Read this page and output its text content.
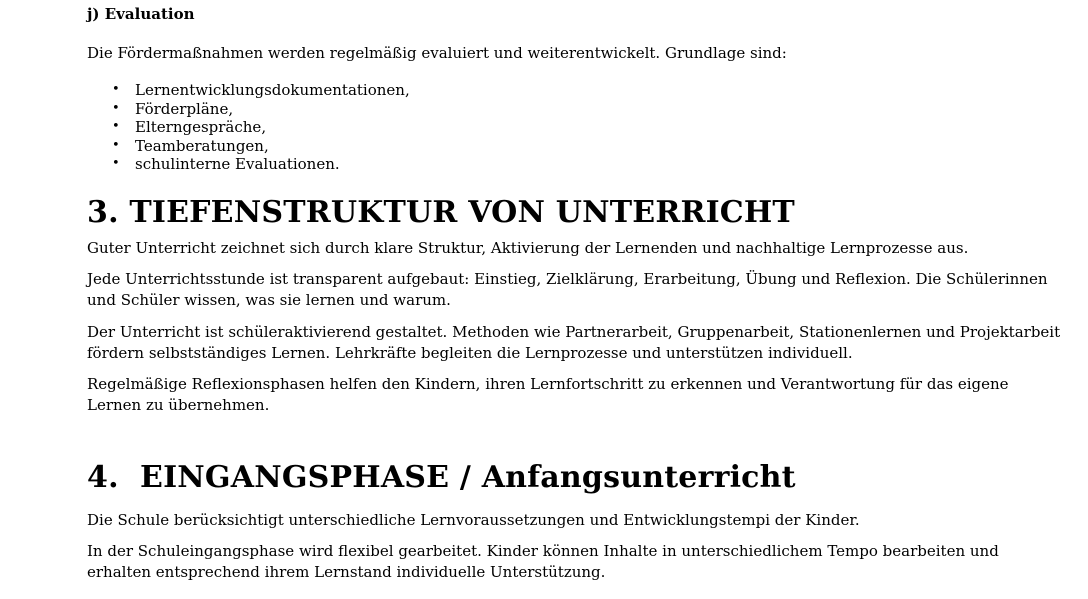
j) Evaluation

Die Fördermaßnahmen werden regelmäßig evaluiert und weiterentwickelt. Grundlage sind:

• Lernentwicklungsdokumentationen,
• Förderpläne,
• Elterngespräche,
• Teamberatungen,
• schulinterne Evaluationen.
3. TIEFENSTRUKTUR VON UNTERRICHT

Guter Unterricht zeichnet sich durch klare Struktur, Aktivierung der Lernenden und nachhaltige Lernprozesse aus.

Jede Unterrichtsstunde ist transparent aufgebaut: Einstieg, Zielklärung, Erarbeitung, Übung und Reflexion. Die Schülerinnen und Schüler wissen, was sie lernen und warum.

Der Unterricht ist schüleraktivierend gestaltet. Methoden wie Partnerarbeit, Gruppenarbeit, Stationenlernen und Projektarbeit fördern selbstständiges Lernen. Lehrkräfte begleiten die Lernprozesse und unterstützen individuell.

Regelmäßige Reflexionsphasen helfen den Kindern, ihren Lernfortschritt zu erkennen und Verantwortung für das eigene Lernen zu übernehmen.

4.  EINGANGSPHASE / Anfangsunterricht

Die Schule berücksichtigt unterschiedliche Lernvoraussetzungen und Entwicklungstempi der Kinder.

In der Schuleingangsphase wird flexibel gearbeitet. Kinder können Inhalte in unterschiedlichem Tempo bearbeiten und erhalten entsprechend ihrem Lernstand individuelle Unterstützung.
